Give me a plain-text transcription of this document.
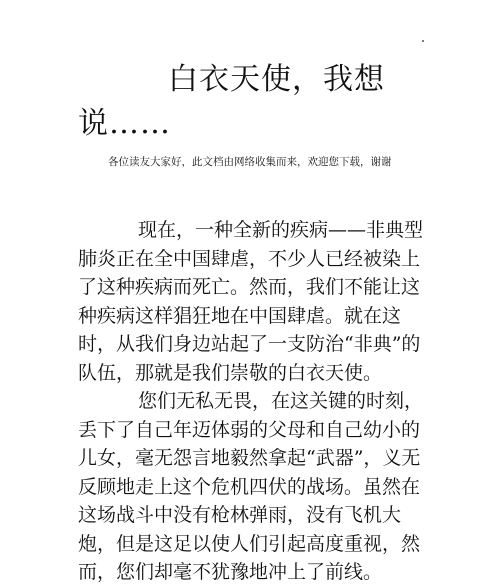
白衣天使，我想说……

各位读友大家好，此文档由网络收集而来，欢迎您下载，谢谢

现在，一种全新的疾病——非典型肺炎正在全中国肆虐，不少人已经被染上了这种疾病而死亡。然而，我们不能让这种疾病这样猖狂地在中国肆虐。就在这时，从我们身边站起了一支防治“非典”的队伍，那就是我们崇敬的白衣天使。

您们无私无畏，在这关键的时刻，丢下了自己年迈体弱的父母和自己幼小的儿女，毫无怨言地毅然拿起“武器”，义无反顾地走上这个危机四伏的战场。虽然在这场战斗中没有枪林弹雨，没有飞机大炮，但是这足以使人们引起高度重视，然而，您们却毫不犹豫地冲上了前线。
